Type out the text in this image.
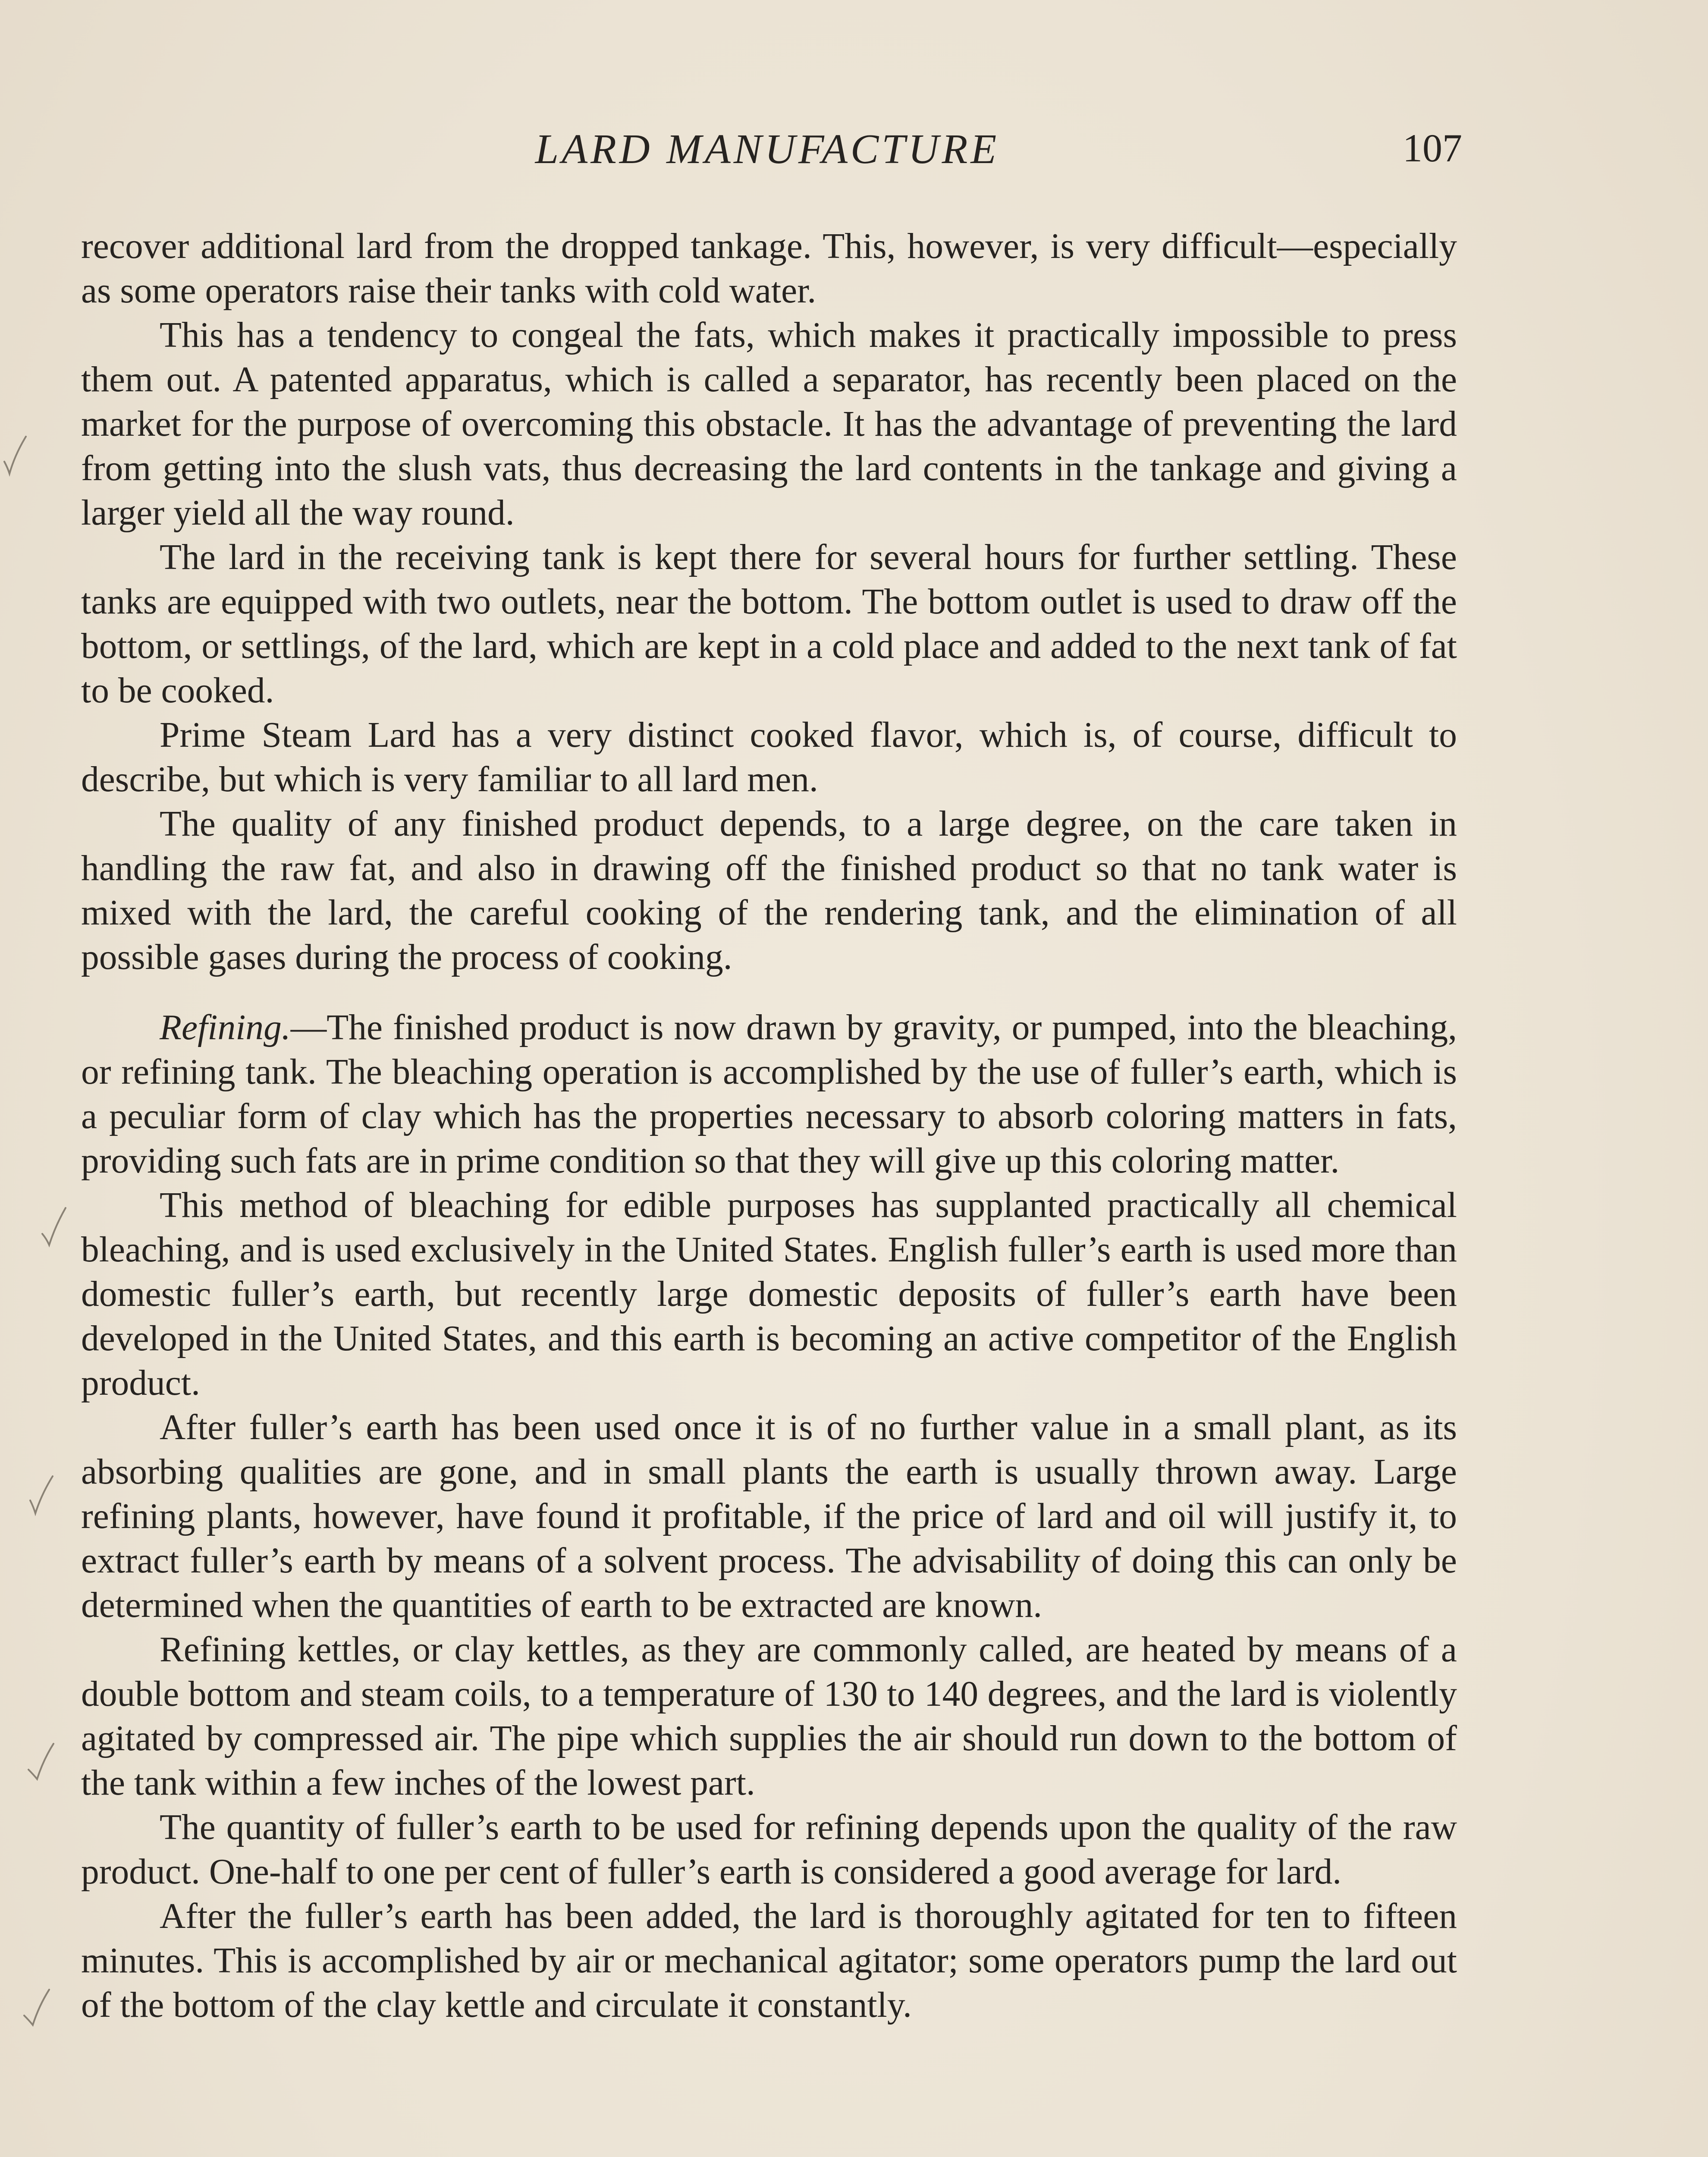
LARD MANUFACTURE	107

recover additional lard from the dropped tankage. This, however, is very difficult—especially as some operators raise their tanks with cold water.

This has a tendency to congeal the fats, which makes it practically impossible to press them out. A patented apparatus, which is called a separator, has recently been placed on the market for the purpose of overcoming this obstacle. It has the advantage of preventing the lard from getting into the slush vats, thus decreasing the lard contents in the tankage and giving a larger yield all the way round.

The lard in the receiving tank is kept there for several hours for further settling. These tanks are equipped with two outlets, near the bottom. The bottom outlet is used to draw off the bottom, or settlings, of the lard, which are kept in a cold place and added to the next tank of fat to be cooked.

Prime Steam Lard has a very distinct cooked flavor, which is, of course, difficult to describe, but which is very familiar to all lard men.

The quality of any finished product depends, to a large degree, on the care taken in handling the raw fat, and also in drawing off the finished product so that no tank water is mixed with the lard, the careful cooking of the rendering tank, and the elimination of all possible gases during the process of cooking.

Refining.—The finished product is now drawn by gravity, or pumped, into the bleaching, or refining tank. The bleaching operation is accomplished by the use of fuller’s earth, which is a peculiar form of clay which has the properties necessary to absorb coloring matters in fats, providing such fats are in prime condition so that they will give up this coloring matter.

This method of bleaching for edible purposes has supplanted practically all chemical bleaching, and is used exclusively in the United States. English fuller’s earth is used more than domestic fuller’s earth, but recently large domestic deposits of fuller’s earth have been developed in the United States, and this earth is becoming an active competitor of the English product.

After fuller’s earth has been used once it is of no further value in a small plant, as its absorbing qualities are gone, and in small plants the earth is usually thrown away. Large refining plants, however, have found it profitable, if the price of lard and oil will justify it, to extract fuller’s earth by means of a solvent process. The advisability of doing this can only be determined when the quantities of earth to be extracted are known.

Refining kettles, or clay kettles, as they are commonly called, are heated by means of a double bottom and steam coils, to a temperature of 130 to 140 degrees, and the lard is violently agitated by compressed air. The pipe which supplies the air should run down to the bottom of the tank within a few inches of the lowest part.

The quantity of fuller’s earth to be used for refining depends upon the quality of the raw product. One-half to one per cent of fuller’s earth is considered a good average for lard.

After the fuller’s earth has been added, the lard is thoroughly agitated for ten to fifteen minutes. This is accomplished by air or mechanical agitator; some operators pump the lard out of the bottom of the clay kettle and circulate it constantly.
